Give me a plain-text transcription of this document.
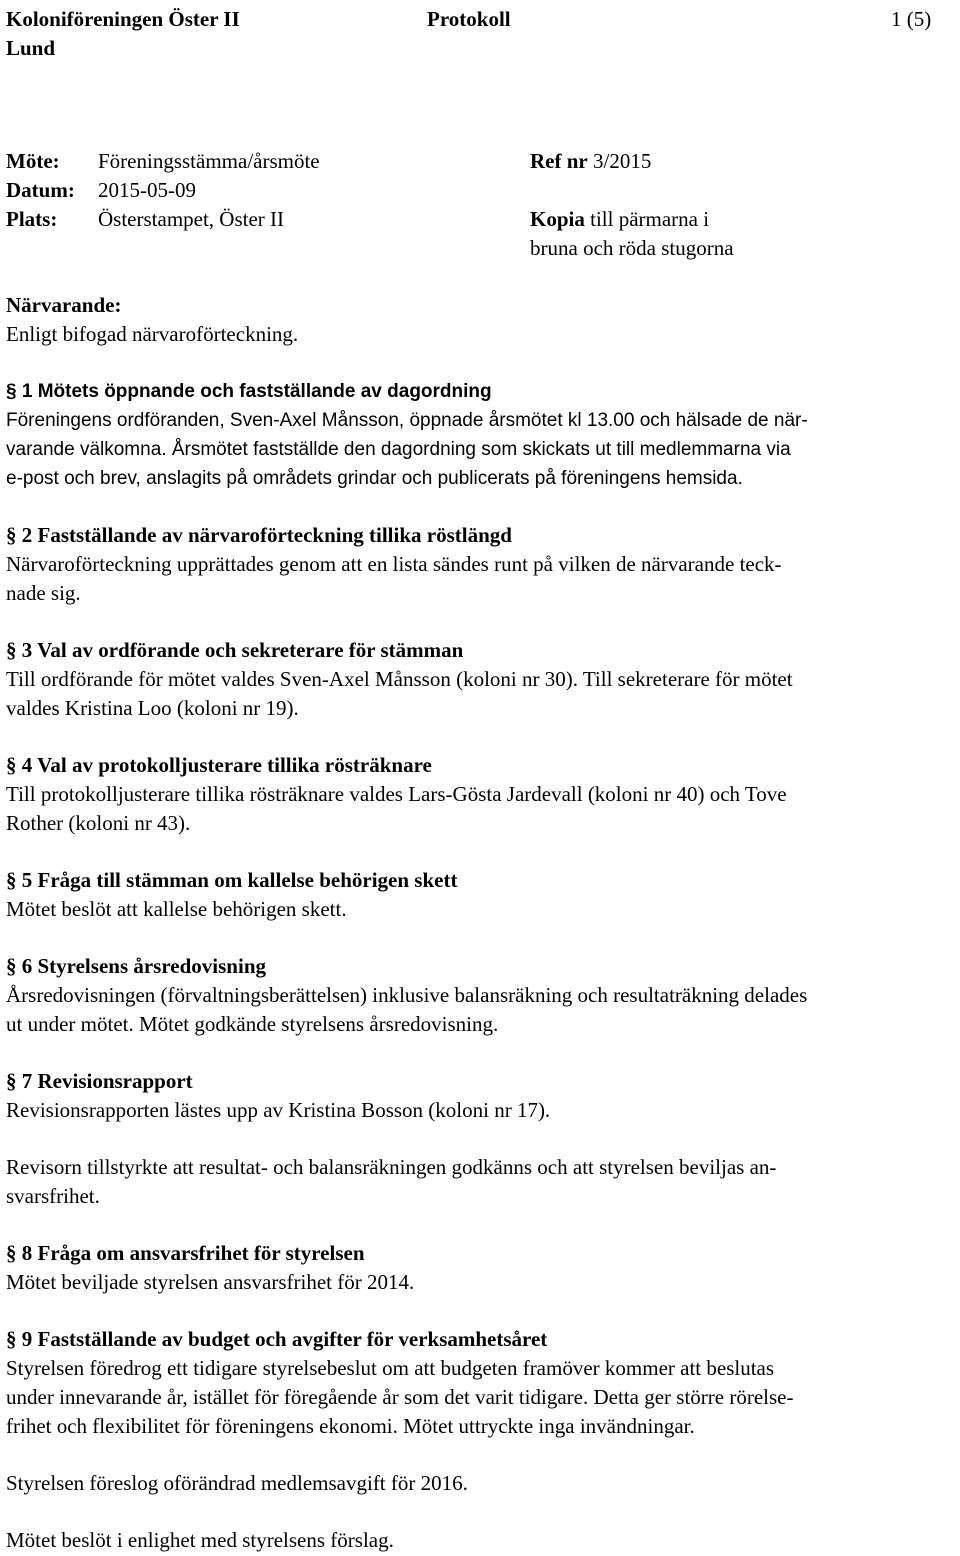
Koloniföreningen Öster II
Lund
Protokoll	1 (5)
Möte: Föreningsstämma/årsmöte
Datum: 2015-05-09
Plats: Österstampet, Öster II
Ref nr 3/2015
Kopia till pärmarna i
bruna och röda stugorna
Närvarande:
Enligt bifogad närvaroförteckning.
§ 1 Mötets öppnande och fastställande av dagordning
Föreningens ordföranden, Sven-Axel Månsson, öppnade årsmötet kl 13.00 och hälsade de när-
varande välkomna. Årsmötet fastställde den dagordning som skickats ut till medlemmarna via
e-post och brev, anslagits på områdets grindar och publicerats på föreningens hemsida.
§ 2 Fastställande av närvaroförteckning tillika röstlängd
Närvaroförteckning upprättades genom att en lista sändes runt på vilken de närvarande teck-
nade sig.
§ 3 Val av ordförande och sekreterare för stämman
Till ordförande för mötet valdes Sven-Axel Månsson (koloni nr 30). Till sekreterare för mötet
valdes Kristina Loo (koloni nr 19).
§ 4 Val av protokolljusterare tillika rösträknare
Till protokolljusterare tillika rösträknare valdes Lars-Gösta Jardevall (koloni nr 40) och Tove
Rother (koloni nr 43).
§ 5 Fråga till stämman om kallelse behörigen skett
Mötet beslöt att kallelse behörigen skett.
§ 6 Styrelsens årsredovisning
Årsredovisningen (förvaltningsberättelsen) inklusive balansräkning och resultaträkning delades
ut under mötet. Mötet godkände styrelsens årsredovisning.
§ 7 Revisionsrapport
Revisionsrapporten lästes upp av Kristina Bosson (koloni nr 17).
Revisorn tillstyrkte att resultat- och balansräkningen godkänns och att styrelsen beviljas an-
svarsfrihet.
§ 8 Fråga om ansvarsfrihet för styrelsen
Mötet beviljade styrelsen ansvarsfrihet för 2014.
§ 9 Fastställande av budget och avgifter för verksamhetsåret
Styrelsen föredrog ett tidigare styrelsebeslut om att budgeten framöver kommer att beslutas
under innevarande år, istället för föregående år som det varit tidigare. Detta ger större rörelse-
frihet och flexibilitet för föreningens ekonomi. Mötet uttryckte inga invändningar.
Styrelsen föreslog oförändrad medlemsavgift för 2016.
Mötet beslöt i enlighet med styrelsens förslag.
